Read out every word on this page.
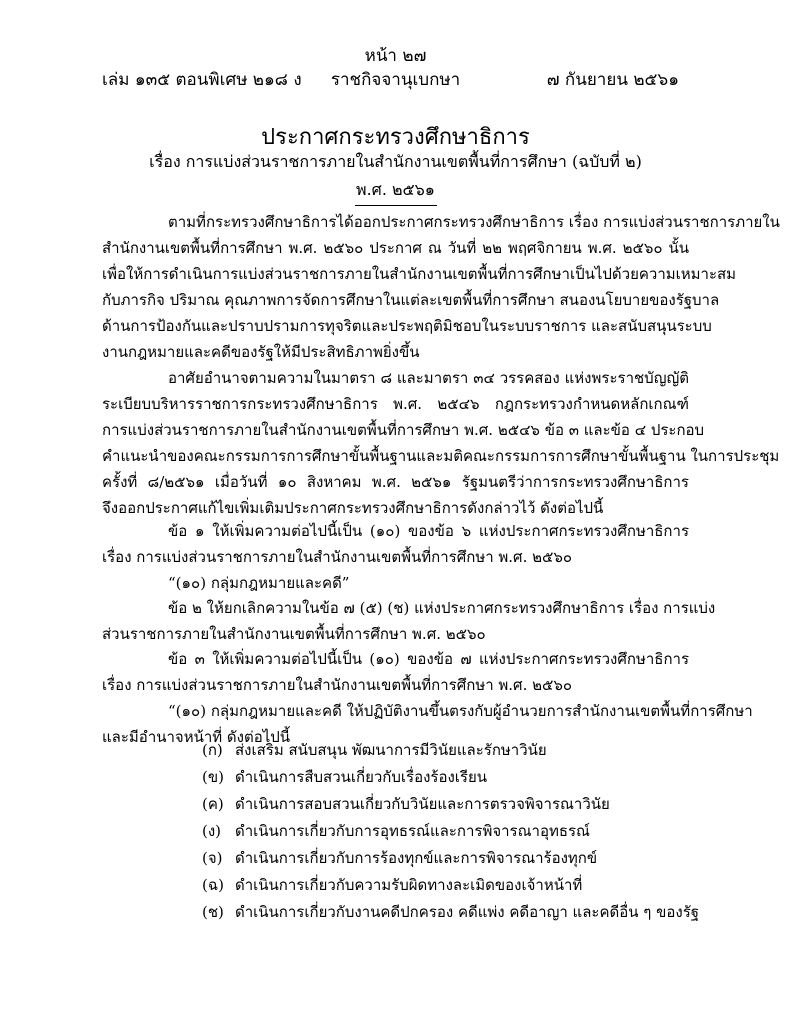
หน้า ๒๗
เล่ม ๑๓๕ ตอนพิเศษ ๒๑๘ ง	ราชกิจจานุเบกษา	๗ กันยายน ๒๕๖๑
ประกาศกระทรวงศึกษาธิการ
เรื่อง การแบ่งส่วนราชการภายในสำนักงานเขตพื้นที่การศึกษา (ฉบับที่ ๒)
พ.ศ. ๒๕๖๑
ตามที่กระทรวงศึกษาธิการได้ออกประกาศกระทรวงศึกษาธิการ เรื่อง การแบ่งส่วนราชการภายใน
สำนักงานเขตพื้นที่การศึกษา พ.ศ. ๒๕๖๐ ประกาศ ณ วันที่ ๒๒ พฤศจิกายน พ.ศ. ๒๕๖๐ นั้น
เพื่อให้การดำเนินการแบ่งส่วนราชการภายในสำนักงานเขตพื้นที่การศึกษาเป็นไปด้วยความเหมาะสม
กับภารกิจ ปริมาณ คุณภาพการจัดการศึกษาในแต่ละเขตพื้นที่การศึกษา สนองนโยบายของรัฐบาล
ด้านการป้องกันและปราบปรามการทุจริตและประพฤติมิชอบในระบบราชการ และสนับสนุนระบบ
งานกฎหมายและคดีของรัฐให้มีประสิทธิภาพยิ่งขึ้น
อาศัยอำนาจตามความในมาตรา ๘ และมาตรา ๓๔ วรรคสอง แห่งพระราชบัญญัติ
ระเบียบบริหารราชการกระทรวงศึกษาธิการ พ.ศ. ๒๕๔๖ กฎกระทรวงกำหนดหลักเกณฑ์
การแบ่งส่วนราชการภายในสำนักงานเขตพื้นที่การศึกษา พ.ศ. ๒๕๔๖ ข้อ ๓ และข้อ ๔ ประกอบ
คำแนะนำของคณะกรรมการการศึกษาขั้นพื้นฐานและมติคณะกรรมการการศึกษาขั้นพื้นฐาน ในการประชุม
ครั้งที่ ๘/๒๕๖๑ เมื่อวันที่ ๑๐ สิงหาคม พ.ศ. ๒๕๖๑ รัฐมนตรีว่าการกระทรวงศึกษาธิการ
จึงออกประกาศแก้ไขเพิ่มเติมประกาศกระทรวงศึกษาธิการดังกล่าวไว้ ดังต่อไปนี้
ข้อ ๑ ให้เพิ่มความต่อไปนี้เป็น (๑๐) ของข้อ ๖ แห่งประกาศกระทรวงศึกษาธิการ
เรื่อง การแบ่งส่วนราชการภายในสำนักงานเขตพื้นที่การศึกษา พ.ศ. ๒๕๖๐
“(๑๐) กลุ่มกฎหมายและคดี”
ข้อ ๒ ให้ยกเลิกความในข้อ ๗ (๕) (ช) แห่งประกาศกระทรวงศึกษาธิการ เรื่อง การแบ่ง
ส่วนราชการภายในสำนักงานเขตพื้นที่การศึกษา พ.ศ. ๒๕๖๐
ข้อ ๓ ให้เพิ่มความต่อไปนี้เป็น (๑๐) ของข้อ ๗ แห่งประกาศกระทรวงศึกษาธิการ
เรื่อง การแบ่งส่วนราชการภายในสำนักงานเขตพื้นที่การศึกษา พ.ศ. ๒๕๖๐
“(๑๐) กลุ่มกฎหมายและคดี ให้ปฏิบัติงานขึ้นตรงกับผู้อำนวยการสำนักงานเขตพื้นที่การศึกษา
และมีอำนาจหน้าที่ ดังต่อไปนี้
(ก) ส่งเสริม สนับสนุน พัฒนาการมีวินัยและรักษาวินัย
(ข) ดำเนินการสืบสวนเกี่ยวกับเรื่องร้องเรียน
(ค) ดำเนินการสอบสวนเกี่ยวกับวินัยและการตรวจพิจารณาวินัย
(ง) ดำเนินการเกี่ยวกับการอุทธรณ์และการพิจารณาอุทธรณ์
(จ) ดำเนินการเกี่ยวกับการร้องทุกข์และการพิจารณาร้องทุกข์
(ฉ) ดำเนินการเกี่ยวกับความรับผิดทางละเมิดของเจ้าหน้าที่
(ช) ดำเนินการเกี่ยวกับงานคดีปกครอง คดีแพ่ง คดีอาญา และคดีอื่น ๆ ของรัฐ
